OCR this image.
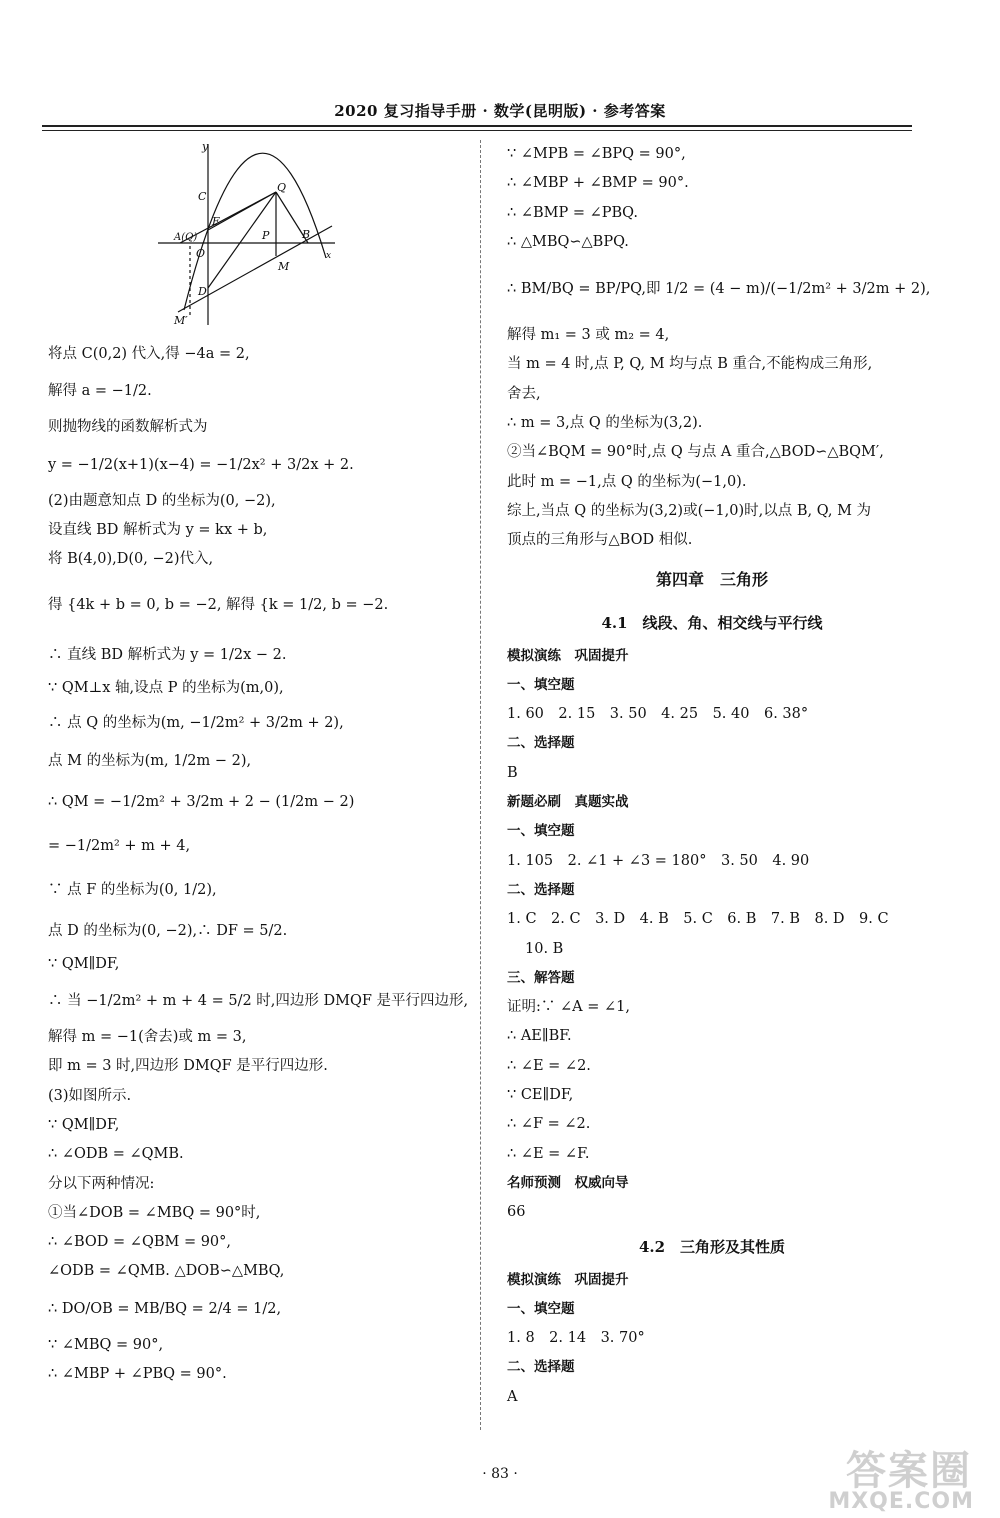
2020 复习指导手册 · 数学(昆明版) · 参考答案
y
C
Q
E
A(Q)	P	B
O	x
M
D
M′

将点 C(0,2) 代入,得 −4a = 2,

解得 a = −1/2.

则抛物线的函数解析式为

y = −1/2(x+1)(x−4) = −1/2x² + 3/2x + 2.

(2)由题意知点 D 的坐标为(0, −2),

设直线 BD 解析式为 y = kx + b,

将 B(4,0),D(0, −2)代入,

得 {4k + b = 0, b = −2, 解得 {k = 1/2, b = −2.

∴ 直线 BD 解析式为 y = 1/2x − 2.

∵ QM⊥x 轴,设点 P 的坐标为(m,0),

∴ 点 Q 的坐标为(m, −1/2m² + 3/2m + 2),

点 M 的坐标为(m, 1/2m − 2),

∴ QM = −1/2m² + 3/2m + 2 − (1/2m − 2)

= −1/2m² + m + 4,

∵ 点 F 的坐标为(0, 1/2),

点 D 的坐标为(0, −2),∴ DF = 5/2.

∵ QM∥DF,

∴ 当 −1/2m² + m + 4 = 5/2 时,四边形 DMQF 是平行四边形,

解得 m = −1(舍去)或 m = 3,

即 m = 3 时,四边形 DMQF 是平行四边形.

(3)如图所示.

∵ QM∥DF,

∴ ∠ODB = ∠QMB.

分以下两种情况:

①当∠DOB = ∠MBQ = 90°时,

∴ ∠BOD = ∠QBM = 90°,

∠ODB = ∠QMB. △DOB∽△MBQ,

∴ DO/OB = MB/BQ = 2/4 = 1/2,

∵ ∠MBQ = 90°,

∴ ∠MBP + ∠PBQ = 90°.

∵ ∠MPB = ∠BPQ = 90°,

∴ ∠MBP + ∠BMP = 90°.

∴ ∠BMP = ∠PBQ.

∴ △MBQ∽△BPQ.

∴ BM/BQ = BP/PQ,即 1/2 = (4 − m)/(−1/2m² + 3/2m + 2),

解得 m₁ = 3 或 m₂ = 4,

当 m = 4 时,点 P, Q, M 均与点 B 重合,不能构成三角形,

舍去,

∴ m = 3,点 Q 的坐标为(3,2).

②当∠BQM = 90°时,点 Q 与点 A 重合,△BOD∽△BQM′,

此时 m = −1,点 Q 的坐标为(−1,0).

综上,当点 Q 的坐标为(3,2)或(−1,0)时,以点 B, Q, M 为

顶点的三角形与△BOD 相似.

第四章　三角形

4.1　线段、角、相交线与平行线

模拟演练　巩固提升

一、填空题

1. 60　2. 15　3. 50　4. 25　5. 40　6. 38°

二、选择题

B

新题必刷　真题实战

一、填空题

1. 105　2. ∠1 + ∠3 = 180°　3. 50　4. 90

二、选择题

1. C　2. C　3. D　4. B　5. C　6. B　7. B　8. D　9. C

10. B

三、解答题

证明:∵ ∠A = ∠1,

∴ AE∥BF.

∴ ∠E = ∠2.

∵ CE∥DF,

∴ ∠F = ∠2.

∴ ∠E = ∠F.

名师预测　权威向导

66

4.2　三角形及其性质

模拟演练　巩固提升

一、填空题

1. 8　2. 14　3. 70°

二、选择题

A

· 83 ·	答案圈
MXQE.COM
